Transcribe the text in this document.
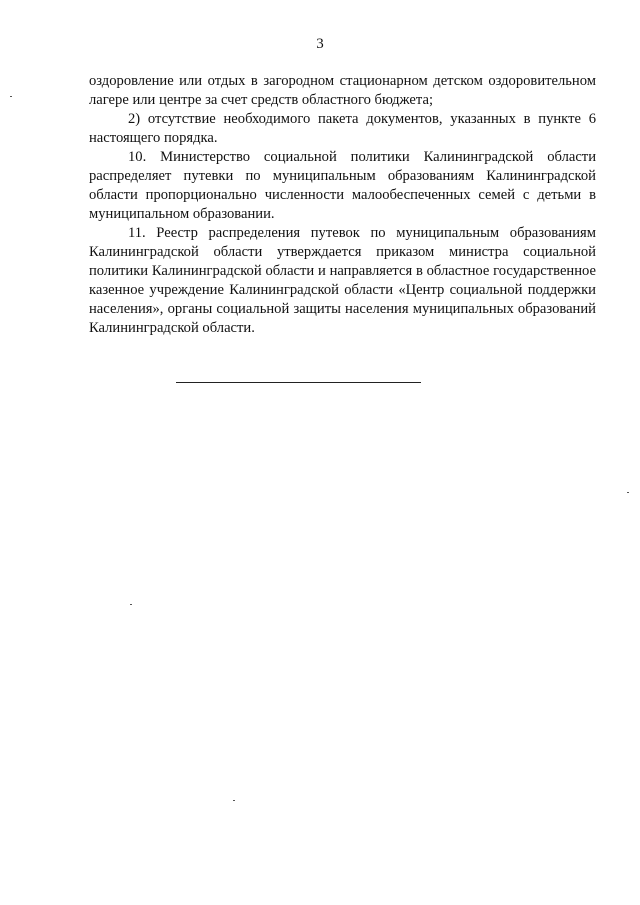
3

оздоровление или отдых в загородном стационарном детском оздоровительном лагере или центре за счет средств областного бюджета;

2) отсутствие необходимого пакета документов, указанных в пункте 6 настоящего порядка.

10. Министерство социальной политики Калининградской области распределяет путевки по муниципальным образованиям Калининградской области пропорционально численности малообеспеченных семей с детьми в муниципальном образовании.

11. Реестр распределения путевок по муниципальным образованиям Калининградской области утверждается приказом министра социальной политики Калининградской области и направляется в областное государственное казенное учреждение Калининградской области «Центр социальной поддержки населения», органы социальной защиты населения муниципальных образований Калининградской области.
